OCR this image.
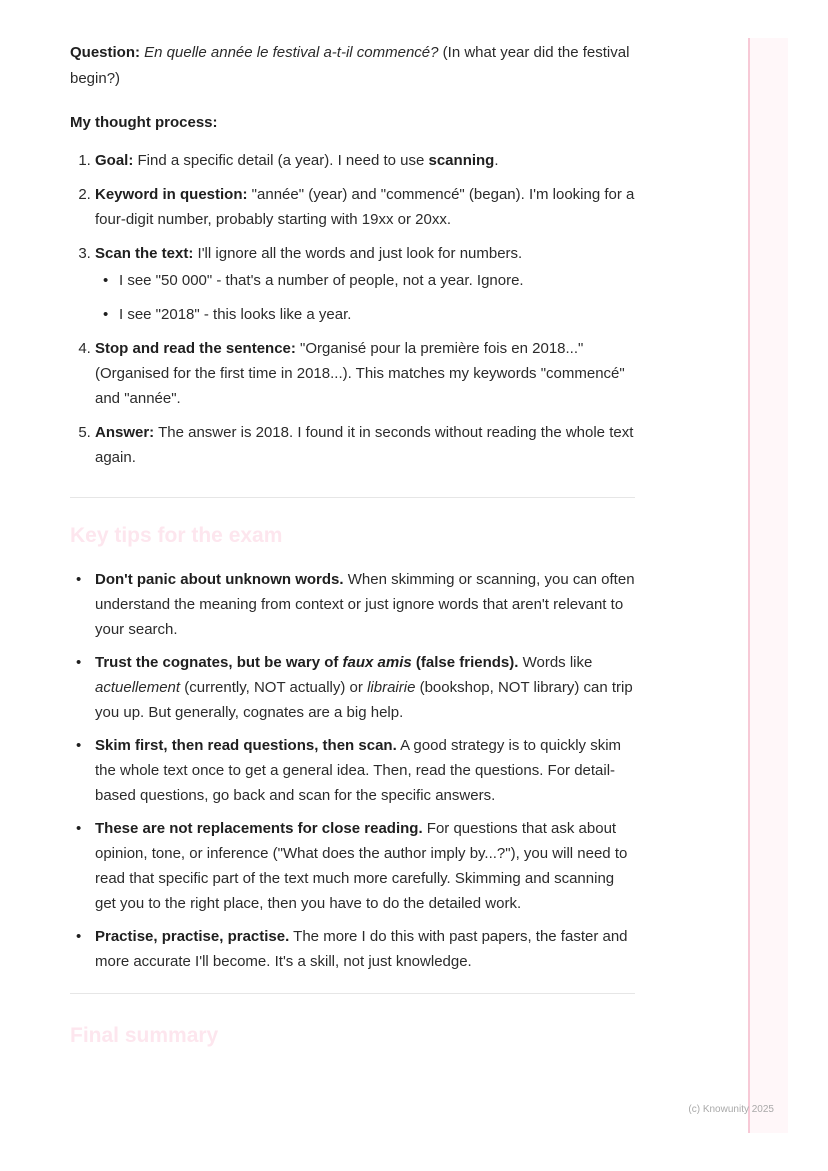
Question: En quelle année le festival a-t-il commencé? (In what year did the festival begin?)

My thought process:

1. Goal: Find a specific detail (a year). I need to use scanning.
2. Keyword in question: "année" (year) and "commencé" (began). I'm looking for a four-digit number, probably starting with 19xx or 20xx.
3. Scan the text: I'll ignore all the words and just look for numbers.
• I see "50 000" - that's a number of people, not a year. Ignore.
• I see "2018" - this looks like a year.
4. Stop and read the sentence: "Organisé pour la première fois en 2018..." (Organised for the first time in 2018...). This matches my keywords "commencé" and "année".
5. Answer: The answer is 2018. I found it in seconds without reading the whole text again.
Key tips for the exam
• Don't panic about unknown words. When skimming or scanning, you can often understand the meaning from context or just ignore words that aren't relevant to your search.
• Trust the cognates, but be wary of faux amis (false friends). Words like actuellement (currently, NOT actually) or librairie (bookshop, NOT library) can trip you up. But generally, cognates are a big help.
• Skim first, then read questions, then scan. A good strategy is to quickly skim the whole text once to get a general idea. Then, read the questions. For detail-based questions, go back and scan for the specific answers.
• These are not replacements for close reading. For questions that ask about opinion, tone, or inference ("What does the author imply by...?"), you will need to read that specific part of the text much more carefully. Skimming and scanning get you to the right place, then you have to do the detailed work.
• Practise, practise, practise. The more I do this with past papers, the faster and more accurate I'll become. It's a skill, not just knowledge.
Final summary
(c) Knowunity 2025
